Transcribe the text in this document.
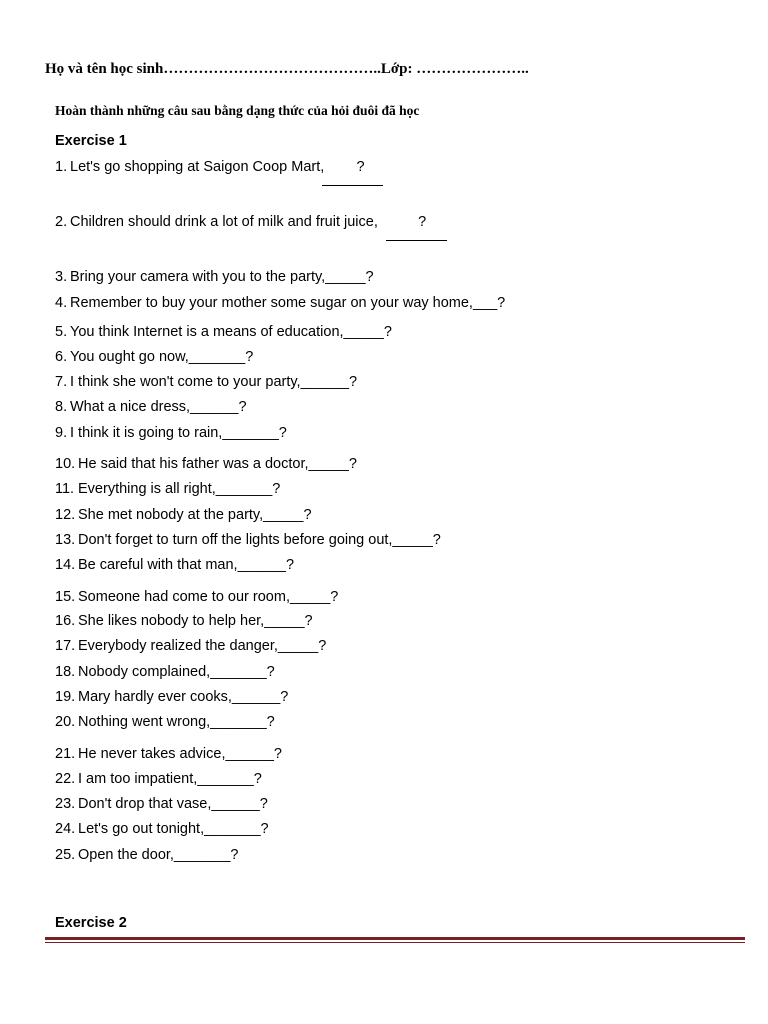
Họ và tên học sinh……………………………………..Lớp: …………………..
Hoàn thành những câu sau bằng dạng thức của hỏi đuôi đã học
Exercise 1
1. Let's go shopping at Saigon Coop Mart,        ?
2. Children should drink a lot of milk and fruit juice,          ?
3. Bring your camera with you to the party,_____?
4. Remember to buy your mother some sugar on your way home,___?
5. You think Internet is a means of education,_____?
6. You ought go now,_______?
7. I think she won't come to your party,______?
8. What a nice dress,______?
9. I think it is going to rain,_______?
10. He said that his father was a doctor,_____?
11. Everything is all right,_______?
12. She met nobody at the party,_____?
13. Don't forget to turn off the lights before going out,_____?
14. Be careful with that man,______?
15. Someone had come to our room,_____?
16. She likes nobody to help her,_____?
17. Everybody realized the danger,_____?
18. Nobody complained,_______?
19. Mary hardly ever cooks,______?
20. Nothing went wrong,_______?
21. He never takes advice,______?
22. I am too impatient,_______?
23. Don't drop that vase,______?
24. Let's go out tonight,_______?
25. Open the door,_______?
Exercise 2
